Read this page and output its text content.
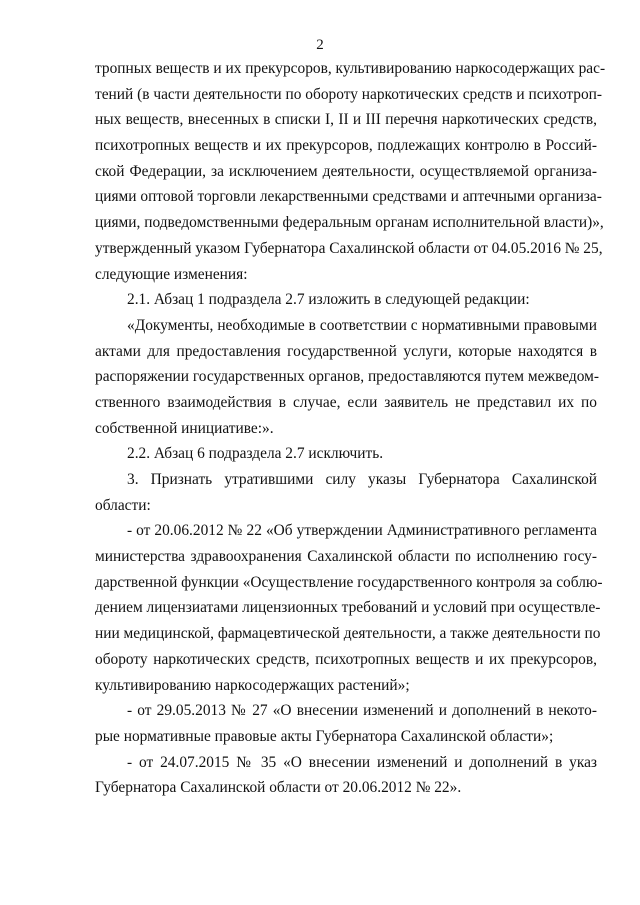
2
тропных веществ и их прекурсоров, культивированию наркосодержащих рас-
тений (в части деятельности по обороту наркотических средств и психотроп-
ных веществ, внесенных в списки I, II и III перечня наркотических средств,
психотропных веществ и их прекурсоров, подлежащих контролю в Россий-
ской Федерации, за исключением деятельности, осуществляемой организа-
циями оптовой торговли лекарственными средствами и аптечными организа-
циями, подведомственными федеральным органам исполнительной власти)»,
утвержденный указом Губернатора Сахалинской области от 04.05.2016 № 25,
следующие изменения:
2.1. Абзац 1 подраздела 2.7 изложить в следующей редакции:
«Документы, необходимые в соответствии с нормативными правовыми
актами для предоставления государственной услуги, которые находятся в
распоряжении государственных органов, предоставляются путем межведом-
ственного взаимодействия в случае, если заявитель не представил их по
собственной инициативе:».
2.2. Абзац 6 подраздела 2.7 исключить.
3. Признать утратившими силу указы Губернатора Сахалинской
области:
- от 20.06.2012 № 22 «Об утверждении Административного регламента
министерства здравоохранения Сахалинской области по исполнению госу-
дарственной функции «Осуществление государственного контроля за соблю-
дением лицензиатами лицензионных требований и условий при осуществле-
нии медицинской, фармацевтической деятельности, а также деятельности по
обороту наркотических средств, психотропных веществ и их прекурсоров,
культивированию наркосодержащих растений»;
- от 29.05.2013 № 27 «О внесении изменений и дополнений в некото-
рые нормативные правовые акты Губернатора Сахалинской области»;
- от 24.07.2015 № 35 «О внесении изменений и дополнений в указ
Губернатора Сахалинской области от 20.06.2012 № 22».
